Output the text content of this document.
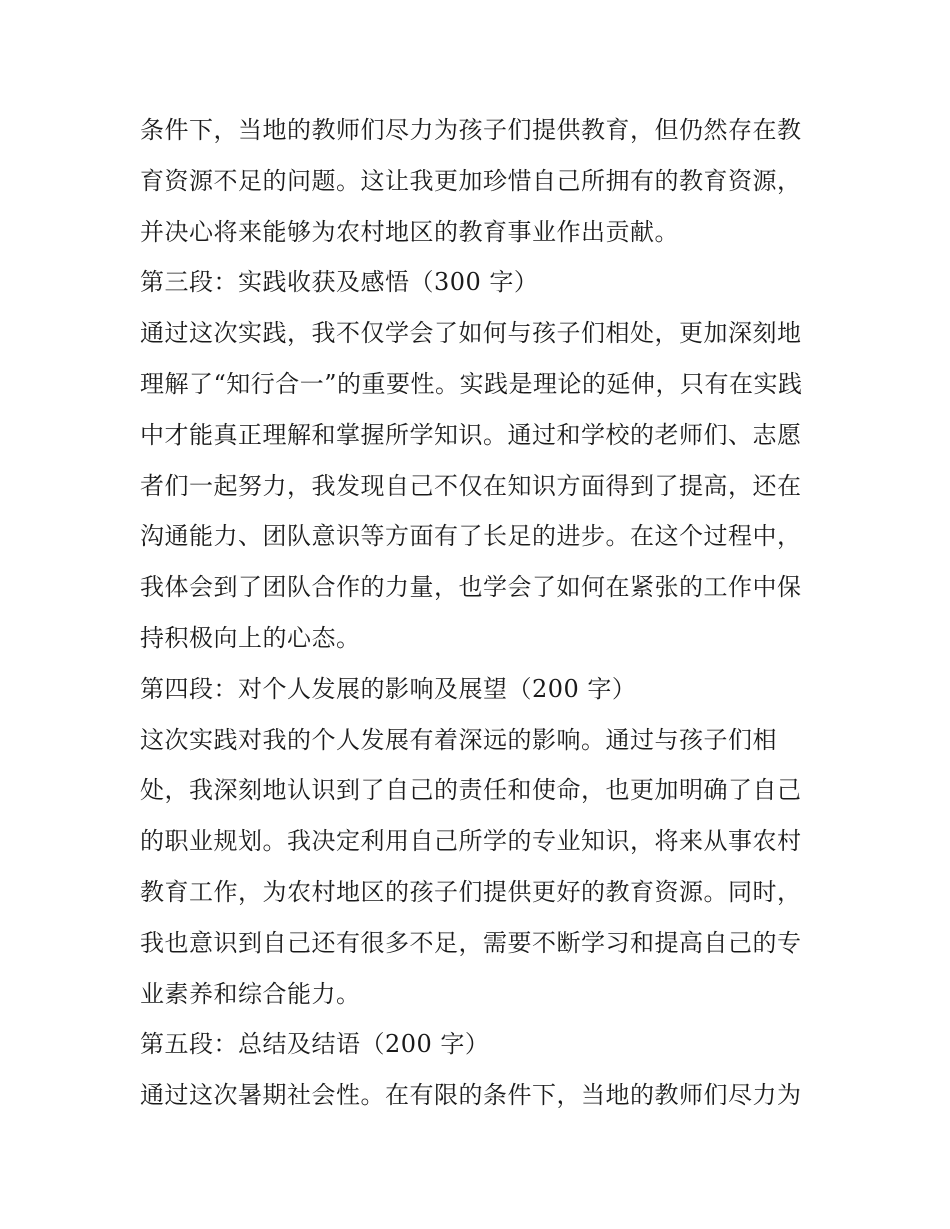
条件下，当地的教师们尽力为孩子们提供教育，但仍然存在教
育资源不足的问题。这让我更加珍惜自己所拥有的教育资源，
并决心将来能够为农村地区的教育事业作出贡献。
第三段：实践收获及感悟（300 字）
通过这次实践，我不仅学会了如何与孩子们相处，更加深刻地
理解了“知行合一”的重要性。实践是理论的延伸，只有在实践
中才能真正理解和掌握所学知识。通过和学校的老师们、志愿
者们一起努力，我发现自己不仅在知识方面得到了提高，还在
沟通能力、团队意识等方面有了长足的进步。在这个过程中，
我体会到了团队合作的力量，也学会了如何在紧张的工作中保
持积极向上的心态。
第四段：对个人发展的影响及展望（200 字）
这次实践对我的个人发展有着深远的影响。通过与孩子们相
处，我深刻地认识到了自己的责任和使命，也更加明确了自己
的职业规划。我决定利用自己所学的专业知识，将来从事农村
教育工作，为农村地区的孩子们提供更好的教育资源。同时，
我也意识到自己还有很多不足，需要不断学习和提高自己的专
业素养和综合能力。
第五段：总结及结语（200 字）
通过这次暑期社会性。在有限的条件下，当地的教师们尽力为
